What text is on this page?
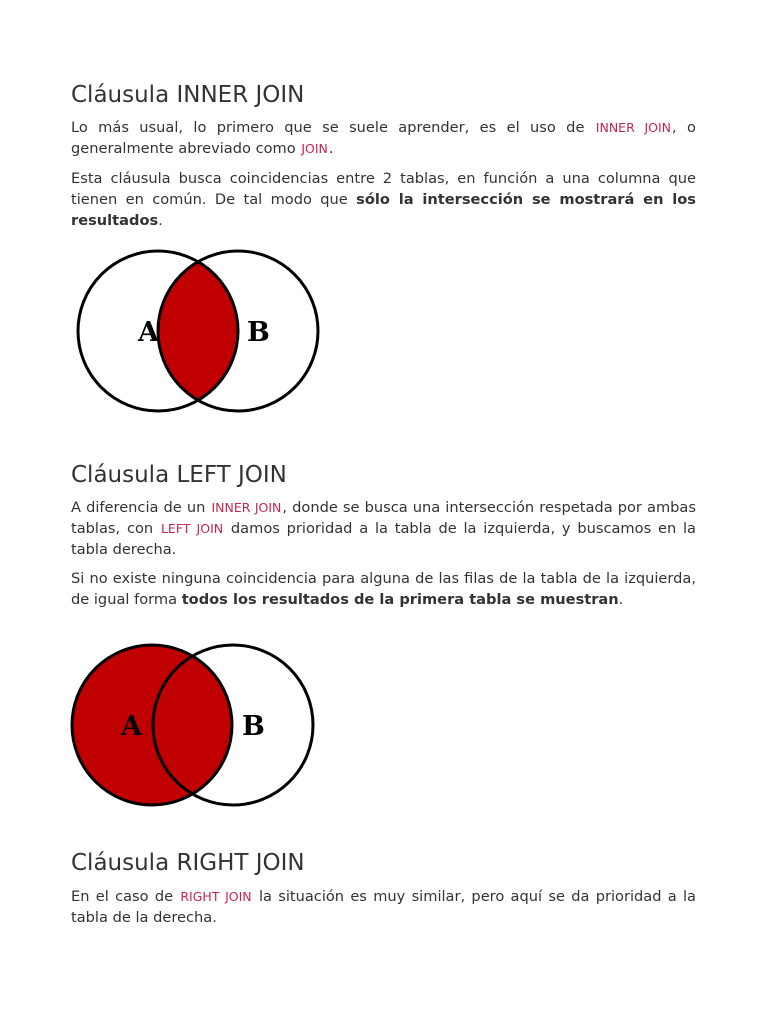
Cláusula INNER JOIN

Lo más usual, lo primero que se suele aprender, es el uso de INNER JOIN, o generalmente abreviado como JOIN.

Esta cláusula busca coincidencias entre 2 tablas, en función a una columna que tienen en común. De tal modo que sólo la intersección se mostrará en los resultados.

Cláusula LEFT JOIN

A diferencia de un INNER JOIN, donde se busca una intersección respetada por ambas tablas, con LEFT JOIN damos prioridad a la tabla de la izquierda, y buscamos en la tabla derecha.

Si no existe ninguna coincidencia para alguna de las filas de la tabla de la izquierda, de igual forma todos los resultados de la primera tabla se muestran.

Cláusula RIGHT JOIN

En el caso de RIGHT JOIN la situación es muy similar, pero aquí se da prioridad a la tabla de la derecha.

A	B
A	B
